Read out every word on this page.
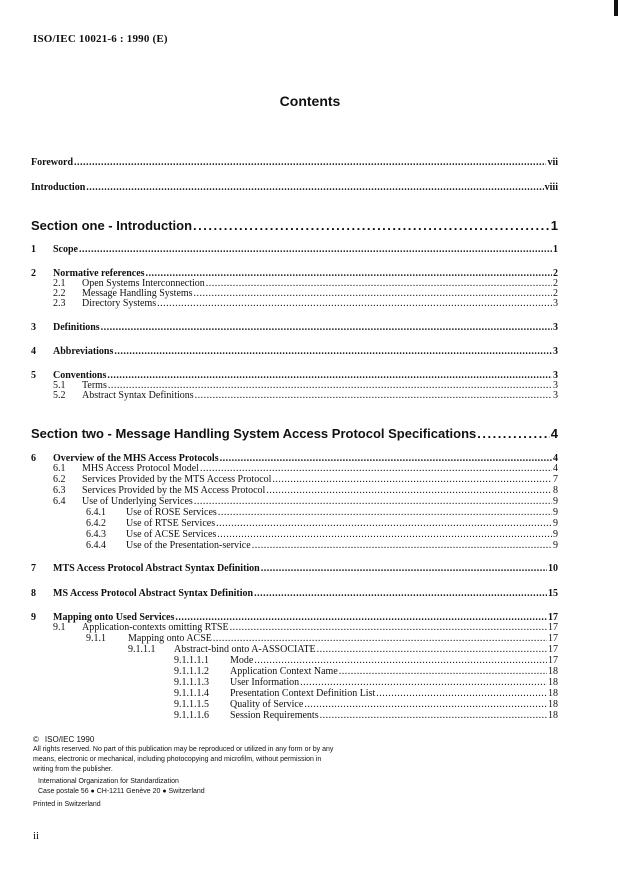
ISO/IEC 10021-6 : 1990 (E)
Contents
Foreword .....	vii
Introduction .....	viii
Section one - Introduction .....	1
1	Scope .....	1
2	Normative references .....	2
2.1	Open Systems Interconnection .....	2
2.2	Message Handling Systems .....	2
2.3	Directory Systems .....	3
3	Definitions .....	3
4	Abbreviations .....	3
5	Conventions .....	3
5.1	Terms .....	3
5.2	Abstract Syntax Definitions .....	3
Section two - Message Handling System Access Protocol Specifications .....	4
6	Overview of the MHS Access Protocols .....	4
6.1	MHS Access Protocol Model .....	4
6.2	Services Provided by the MTS Access Protocol .....	7
6.3	Services Provided by the MS Access Protocol .....	8
6.4	Use of Underlying Services .....	9
6.4.1	Use of ROSE Services .....	9
6.4.2	Use of RTSE Services .....	9
6.4.3	Use of ACSE Services .....	9
6.4.4	Use of the Presentation-service .....	9
7	MTS Access Protocol Abstract Syntax Definition .....	10
8	MS Access Protocol Abstract Syntax Definition .....	15
9	Mapping onto Used Services .....	17
9.1	Application-contexts omitting RTSE .....	17
9.1.1	Mapping onto ACSE .....	17
9.1.1.1	Abstract-bind onto A-ASSOCIATE .....	17
9.1.1.1.1	Mode .....	17
9.1.1.1.2	Application Context Name .....	18
9.1.1.1.3	User Information .....	18
9.1.1.1.4	Presentation Context Definition List .....	18
9.1.1.1.5	Quality of Service .....	18
9.1.1.1.6	Session Requirements .....	18
© ISO/IEC 1990
All rights reserved. No part of this publication may be reproduced or utilized in any form or by any
means, electronic or mechanical, including photocopying and microfilm, without permission in
writing from the publisher.
International Organization for Standardization
Case postale 56 ● CH-1211 Genève 20 ● Switzerland
Printed in Switzerland
ii
